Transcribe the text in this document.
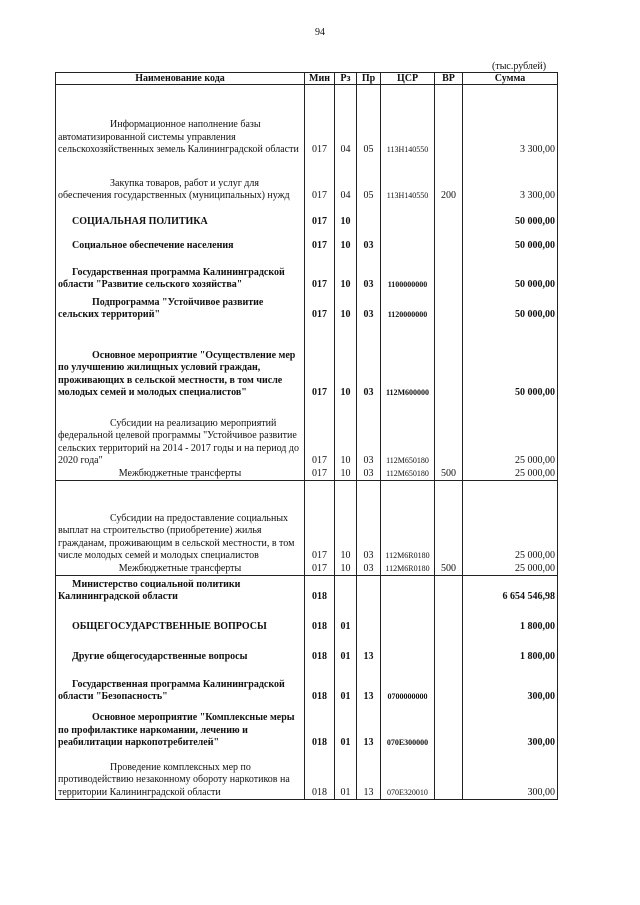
94
(тыс.рублей)
Наименование кода	Мин	Рз	Пр	ЦСР	ВР	Сумма
Информационное наполнение базы автоматизированной системы управления сельскохозяйственных земель Калининградской области	017	04	05	113Н140550		3 300,00
Закупка товаров, работ и услуг для обеспечения государственных (муниципальных) нужд	017	04	05	113Н140550	200	3 300,00
СОЦИАЛЬНАЯ ПОЛИТИКА	017	10				50 000,00
Социальное обеспечение населения	017	10	03			50 000,00
Государственная программа Калининградской области "Развитие сельского хозяйства"	017	10	03	1100000000		50 000,00
Подпрограмма "Устойчивое развитие сельских территорий"	017	10	03	1120000000		50 000,00
Основное мероприятие "Осуществление мер по улучшению жилищных условий граждан, проживающих в сельской местности, в том числе молодых семей и молодых специалистов"	017	10	03	112М600000		50 000,00
Субсидии на реализацию мероприятий федеральной целевой программы "Устойчивое развитие сельских территорий на 2014 - 2017 годы и на период до 2020 года"	017	10	03	112М650180		25 000,00
Межбюджетные трансферты	017	10	03	112М650180	500	25 000,00
Субсидии на предоставление социальных выплат на строительство (приобретение) жилья гражданам, проживающим в сельской местности, в том числе молодых семей и молодых специалистов	017	10	03	112М6R0180		25 000,00
Межбюджетные трансферты	017	10	03	112М6R0180	500	25 000,00
Министерство социальной политики Калининградской области	018					6 654 546,98
ОБЩЕГОСУДАРСТВЕННЫЕ ВОПРОСЫ	018	01				1 800,00
Другие общегосударственные вопросы	018	01	13			1 800,00
Государственная программа Калининградской области "Безопасность"	018	01	13	0700000000		300,00
Основное мероприятие "Комплексные меры по профилактике наркомании, лечению и реабилитации наркопотребителей"	018	01	13	070Е300000		300,00
Проведение комплексных мер по противодействию незаконному обороту наркотиков на территории Калининградской области	018	01	13	070Е320010		300,00
